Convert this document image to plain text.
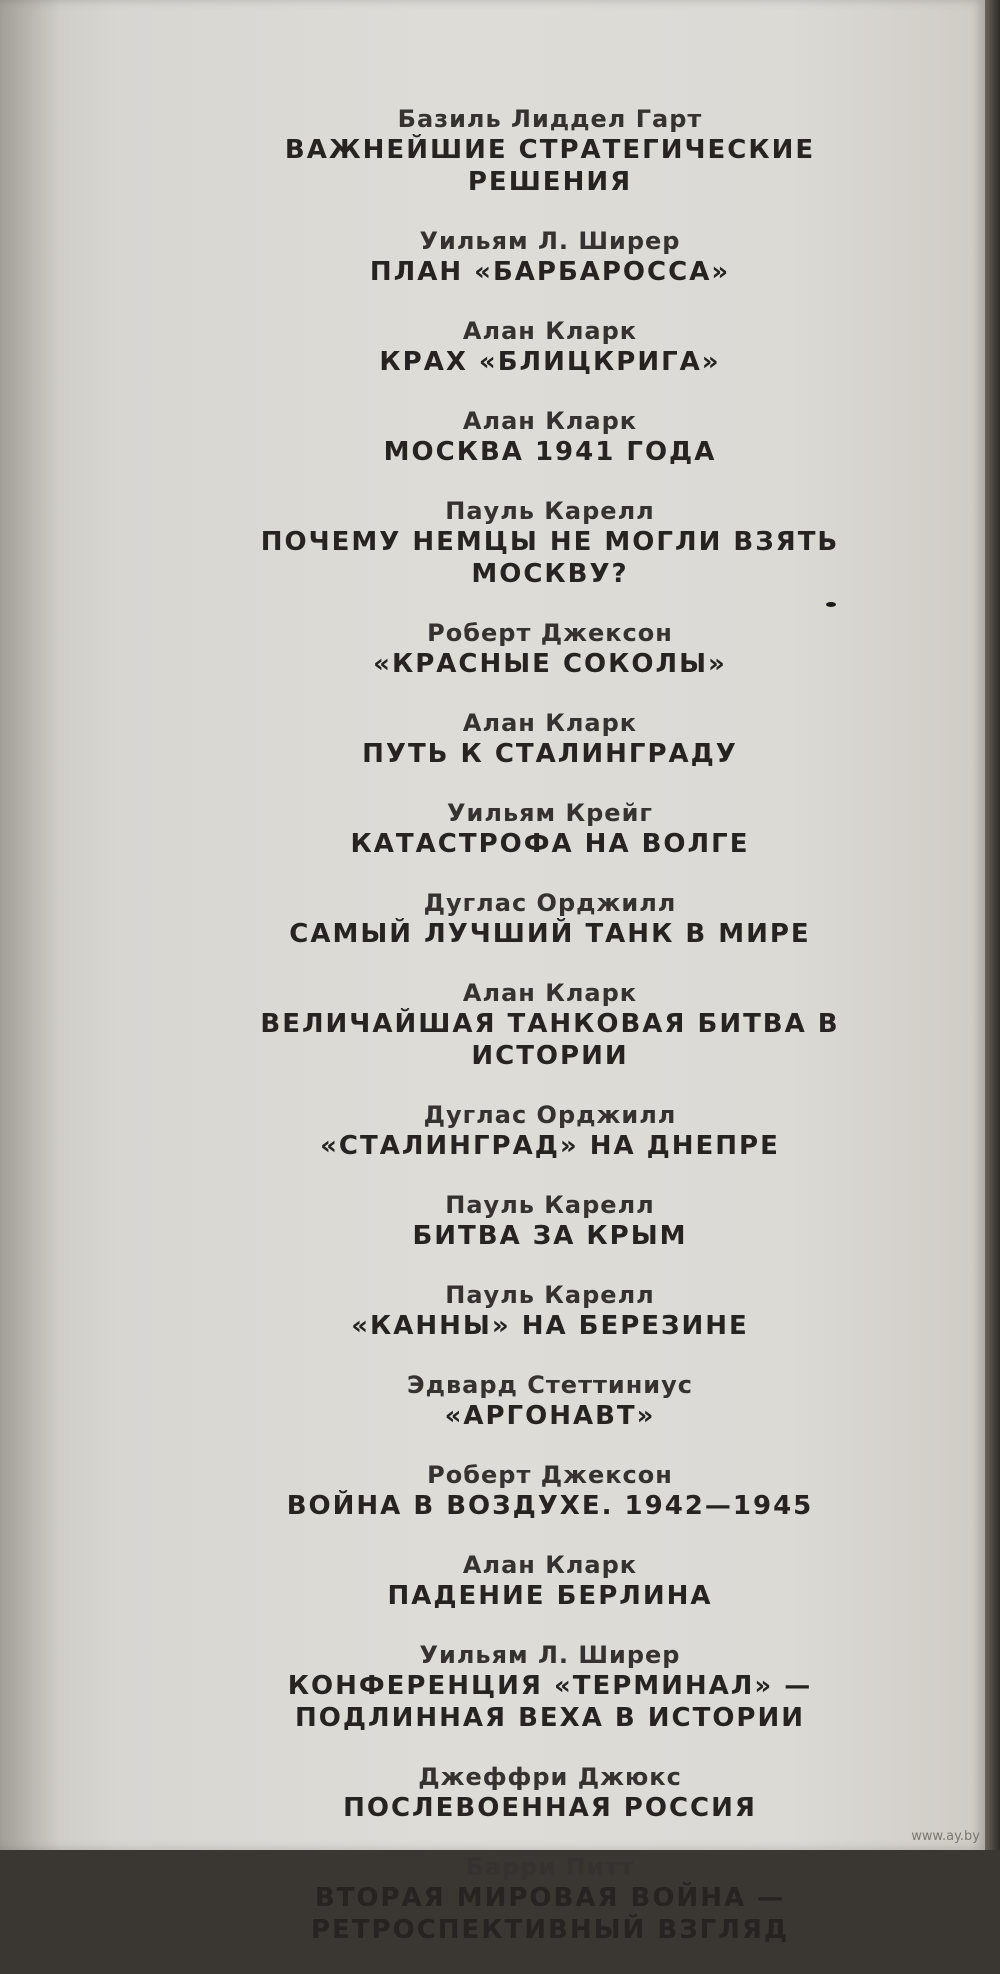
Базиль Лиддел Гарт
ВАЖНЕЙШИЕ СТРАТЕГИЧЕСКИЕ РЕШЕНИЯ
Уильям Л. Ширер
ПЛАН «БАРБАРОССА»
Алан Кларк
КРАХ «БЛИЦКРИГА»
Алан Кларк
МОСКВА 1941 ГОДА
Пауль Карелл
ПОЧЕМУ НЕМЦЫ НЕ МОГЛИ ВЗЯТЬ МОСКВУ?
Роберт Джексон
«КРАСНЫЕ СОКОЛЫ»
Алан Кларк
ПУТЬ К СТАЛИНГРАДУ
Уильям Крейг
КАТАСТРОФА НА ВОЛГЕ
Дуглас Орджилл
САМЫЙ ЛУЧШИЙ ТАНК В МИРЕ
Алан Кларк
ВЕЛИЧАЙШАЯ ТАНКОВАЯ БИТВА В ИСТОРИИ
Дуглас Орджилл
«СТАЛИНГРАД» НА ДНЕПРЕ
Пауль Карелл
БИТВА ЗА КРЫМ
Пауль Карелл
«КАННЫ» НА БЕРЕЗИНЕ
Эдвард Стеттиниус
«АРГОНАВТ»
Роберт Джексон
ВОЙНА В ВОЗДУХЕ. 1942—1945
Алан Кларк
ПАДЕНИЕ БЕРЛИНА
Уильям Л. Ширер
КОНФЕРЕНЦИЯ «ТЕРМИНАЛ» —
ПОДЛИННАЯ ВЕХА В ИСТОРИИ
Джеффри Джюкс
ПОСЛЕВОЕННАЯ РОССИЯ
Барри Питт
ВТОРАЯ МИРОВАЯ ВОЙНА —
РЕТРОСПЕКТИВНЫЙ ВЗГЛЯД
www.ay.by
